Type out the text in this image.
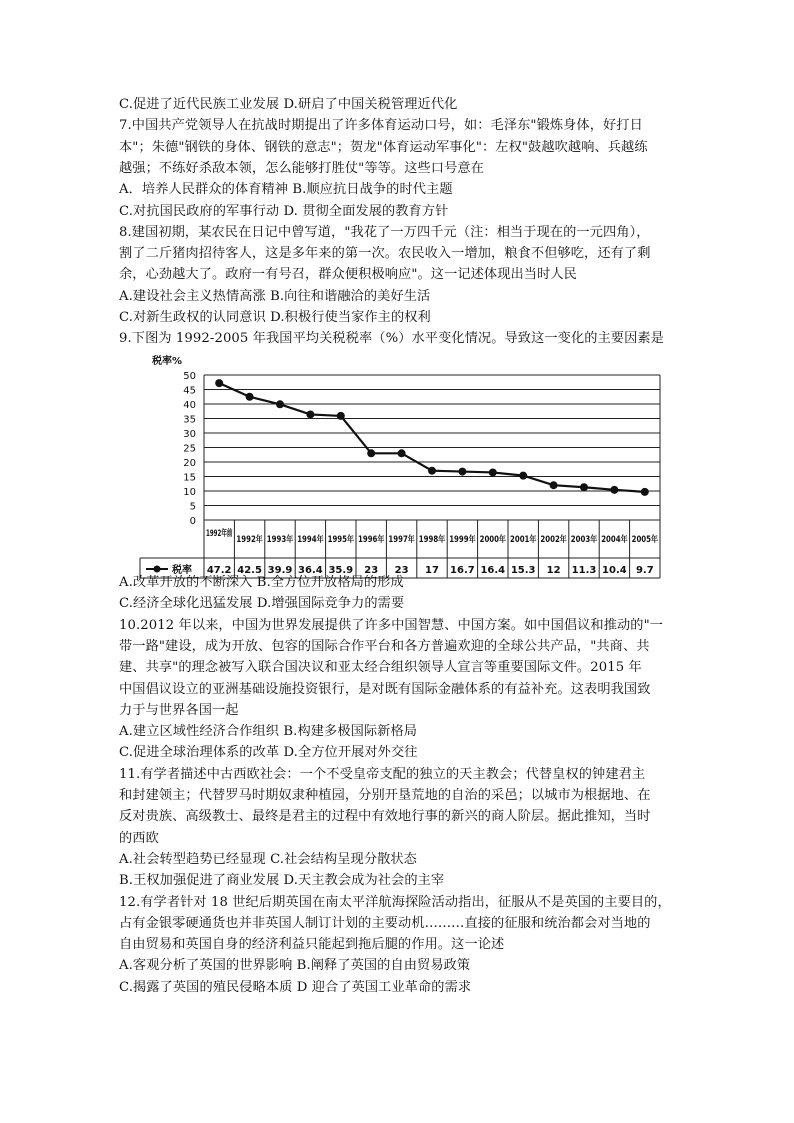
C.促进了近代民族工业发展 D.研启了中国关税管理近代化
7.中国共产党领导人在抗战时期提出了许多体育运动口号，如：毛泽东"锻炼身体，好打日
本"；朱德"钢铁的身体、钢铁的意志"；贺龙"体育运动军事化"：左权"鼓越吹越响、兵越练
越强；不练好杀敌本领，怎么能够打胜仗"等等。这些口号意在
A．培养人民群众的体育精神 B.顺应抗日战争的时代主题
C.对抗国民政府的军事行动 D. 贯彻全面发展的教育方针
8.建国初期，某农民在日记中曾写道，"我花了一万四千元（注：相当于现在的一元四角），
割了二斤猪肉招待客人，这是多年来的第一次。农民收入一增加，粮食不但够吃，还有了剩
余，心劲越大了。政府一有号召，群众便积极响应"。这一记述体现出当时人民
A.建设社会主义热情高涨 B.向往和谐融洽的美好生活
C.对新生政权的认同意识 D.积极行使当家作主的权利
9.下图为 1992-2005 年我国平均关税税率（%）水平变化情况。导致这一变化的主要因素是
税率%
50
45
40
35
30
25
20
15
10
5
0
1992年前
47.2
1992年
42.5
1993年
39.9
1994年
36.4
1995年
35.9
1996年
23
1997年
23
1998年
17
1999年
16.7
2000年
16.4
2001年
15.3
2002年
12
2003年
11.3
2004年
10.4
2005年
9.7
税率
A.改革开放的不断深入 B.全方位开放格局的形成
C.经济全球化迅猛发展 D.增强国际竞争力的需要
10.2012 年以来，中国为世界发展提供了许多中国智慧、中国方案。如中国倡议和推动的"一
带一路"建设，成为开放、包容的国际合作平台和各方普遍欢迎的全球公共产品，"共商、共
建、共享"的理念被写入联合国决议和亚太经合组织领导人宣言等重要国际文件。2015 年
中国倡议设立的亚洲基础设施投资银行，是对既有国际金融体系的有益补充。这表明我国致
力于与世界各国一起
A.建立区域性经济合作组织 B.构建多极国际新格局
C.促进全球治理体系的改革 D.全方位开展对外交往
11.有学者描述中古西欧社会：一个不受皇帝支配的独立的天主教会；代替皇权的钟建君主
和封建领主；代替罗马时期奴隶种植园，分别开垦荒地的自治的采邑；以城市为根据地、在
反对贵族、高级教士、最终是君主的过程中有效地行事的新兴的商人阶层。据此推知，当时
的西欧
A.社会转型趋势已经显现 C.社会结构呈现分散状态
B.王权加强促进了商业发展 D.天主教会成为社会的主宰
12.有学者针对 18 世纪后期英国在南太平洋航海探险活动指出，征服从不是英国的主要目的，
占有金银零硬通货也并非英国人制订计划的主要动机………直接的征服和统治都会对当地的
自由贸易和英国自身的经济利益只能起到拖后腿的作用。这一论述
A.客观分析了英国的世界影响 B.阐释了英国的自由贸易政策
C.揭露了英国的殖民侵略本质 D 迎合了英国工业革命的需求
